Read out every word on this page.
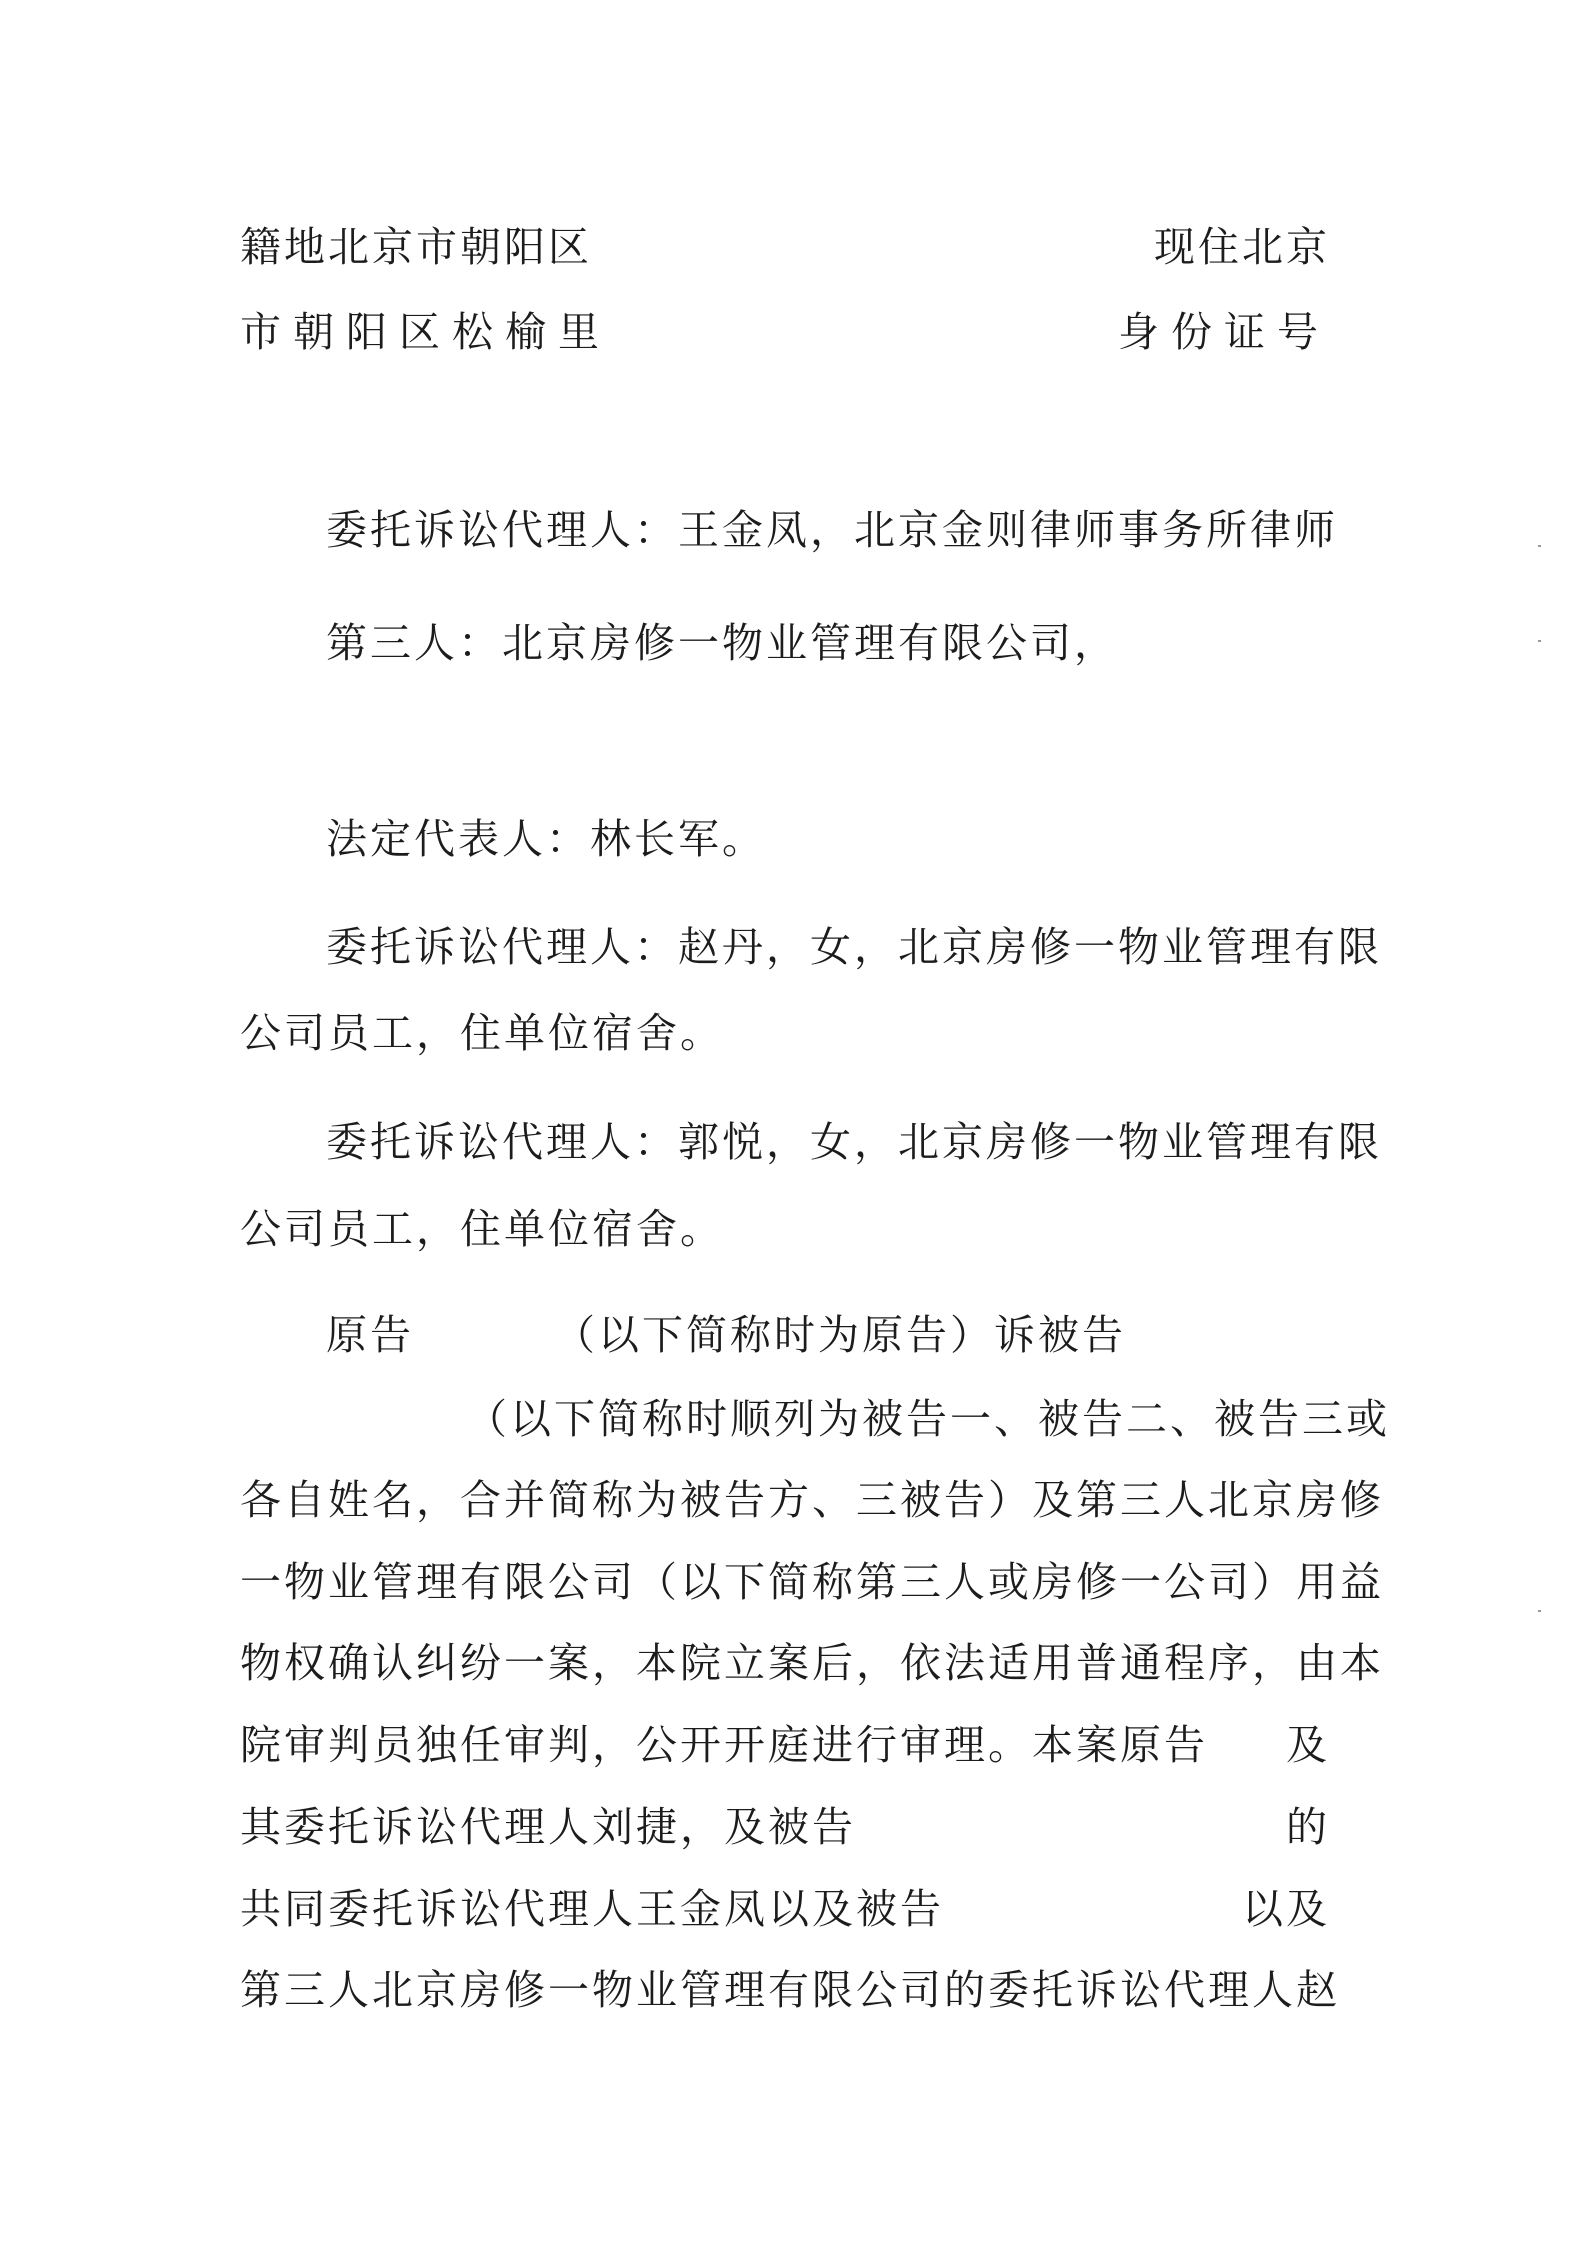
籍地北京市朝阳区	现住北京
市朝阳区松榆里	身份证号
委托诉讼代理人：王金凤，北京金则律师事务所律师
第三人：北京房修一物业管理有限公司，
法定代表人：林长军。
委托诉讼代理人：赵丹，女，北京房修一物业管理有限
公司员工，住单位宿舍。
委托诉讼代理人：郭悦，女，北京房修一物业管理有限
公司员工，住单位宿舍。
原告	（以下简称时为原告）诉被告
（以下简称时顺列为被告一、被告二、被告三或
各自姓名，合并简称为被告方、三被告）及第三人北京房修
一物业管理有限公司（以下简称第三人或房修一公司）用益
物权确认纠纷一案，本院立案后，依法适用普通程序，由本
院审判员独任审判，公开开庭进行审理。本案原告 及
其委托诉讼代理人刘捷，及被告	的
共同委托诉讼代理人王金凤以及被告	以及
第三人北京房修一物业管理有限公司的委托诉讼代理人赵
